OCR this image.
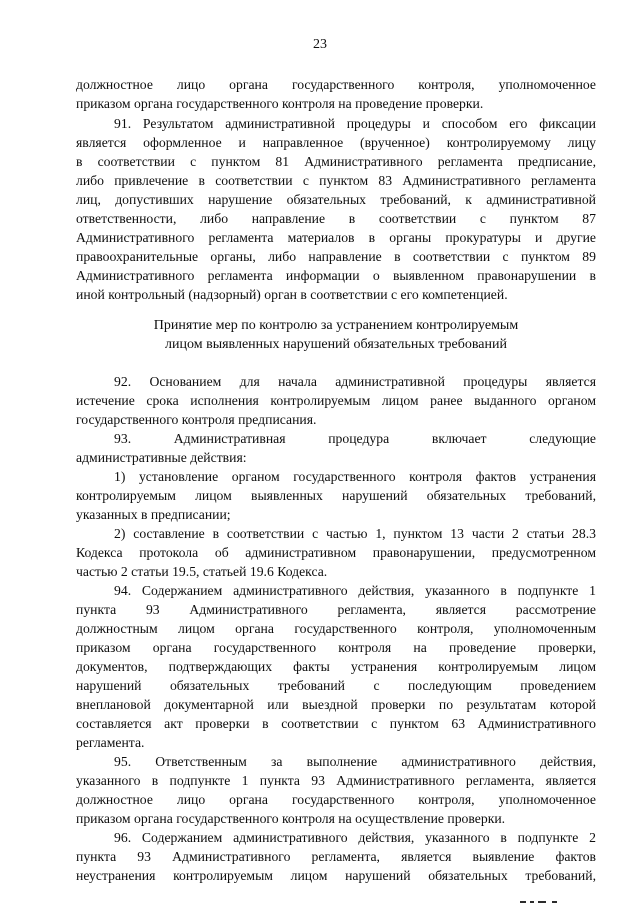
23
должностное лицо органа государственного контроля, уполномоченное
приказом органа государственного контроля на проведение проверки.
91. Результатом административной процедуры и способом его фиксации
является оформленное и направленное (врученное) контролируемому лицу
в соответствии с пунктом 81 Административного регламента предписание,
либо привлечение в соответствии с пунктом 83 Административного регламента
лиц, допустивших нарушение обязательных требований, к административной
ответственности, либо направление в соответствии с пунктом 87
Административного регламента материалов в органы прокуратуры и другие
правоохранительные органы, либо направление в соответствии с пунктом 89
Административного регламента информации о выявленном правонарушении в
иной контрольный (надзорный) орган в соответствии с его компетенцией.
Принятие мер по контролю за устранением контролируемым
лицом выявленных нарушений обязательных требований
92. Основанием для начала административной процедуры является
истечение срока исполнения контролируемым лицом ранее выданного органом
государственного контроля предписания.
93. Административная процедура включает следующие
административные действия:
1) установление органом государственного контроля фактов устранения
контролируемым лицом выявленных нарушений обязательных требований,
указанных в предписании;
2) составление в соответствии с частью 1, пунктом 13 части 2 статьи 28.3
Кодекса протокола об административном правонарушении, предусмотренном
частью 2 статьи 19.5, статьей 19.6 Кодекса.
94. Содержанием административного действия, указанного в подпункте 1
пункта 93 Административного регламента, является рассмотрение
должностным лицом органа государственного контроля, уполномоченным
приказом органа государственного контроля на проведение проверки,
документов, подтверждающих факты устранения контролируемым лицом
нарушений обязательных требований с последующим проведением
внеплановой документарной или выездной проверки по результатам которой
составляется акт проверки в соответствии с пунктом 63 Административного
регламента.
95. Ответственным за выполнение административного действия,
указанного в подпункте 1 пункта 93 Административного регламента, является
должностное лицо органа государственного контроля, уполномоченное
приказом органа государственного контроля на осуществление проверки.
96. Содержанием административного действия, указанного в подпункте 2
пункта 93 Административного регламента, является выявление фактов
неустранения контролируемым лицом нарушений обязательных требований,
